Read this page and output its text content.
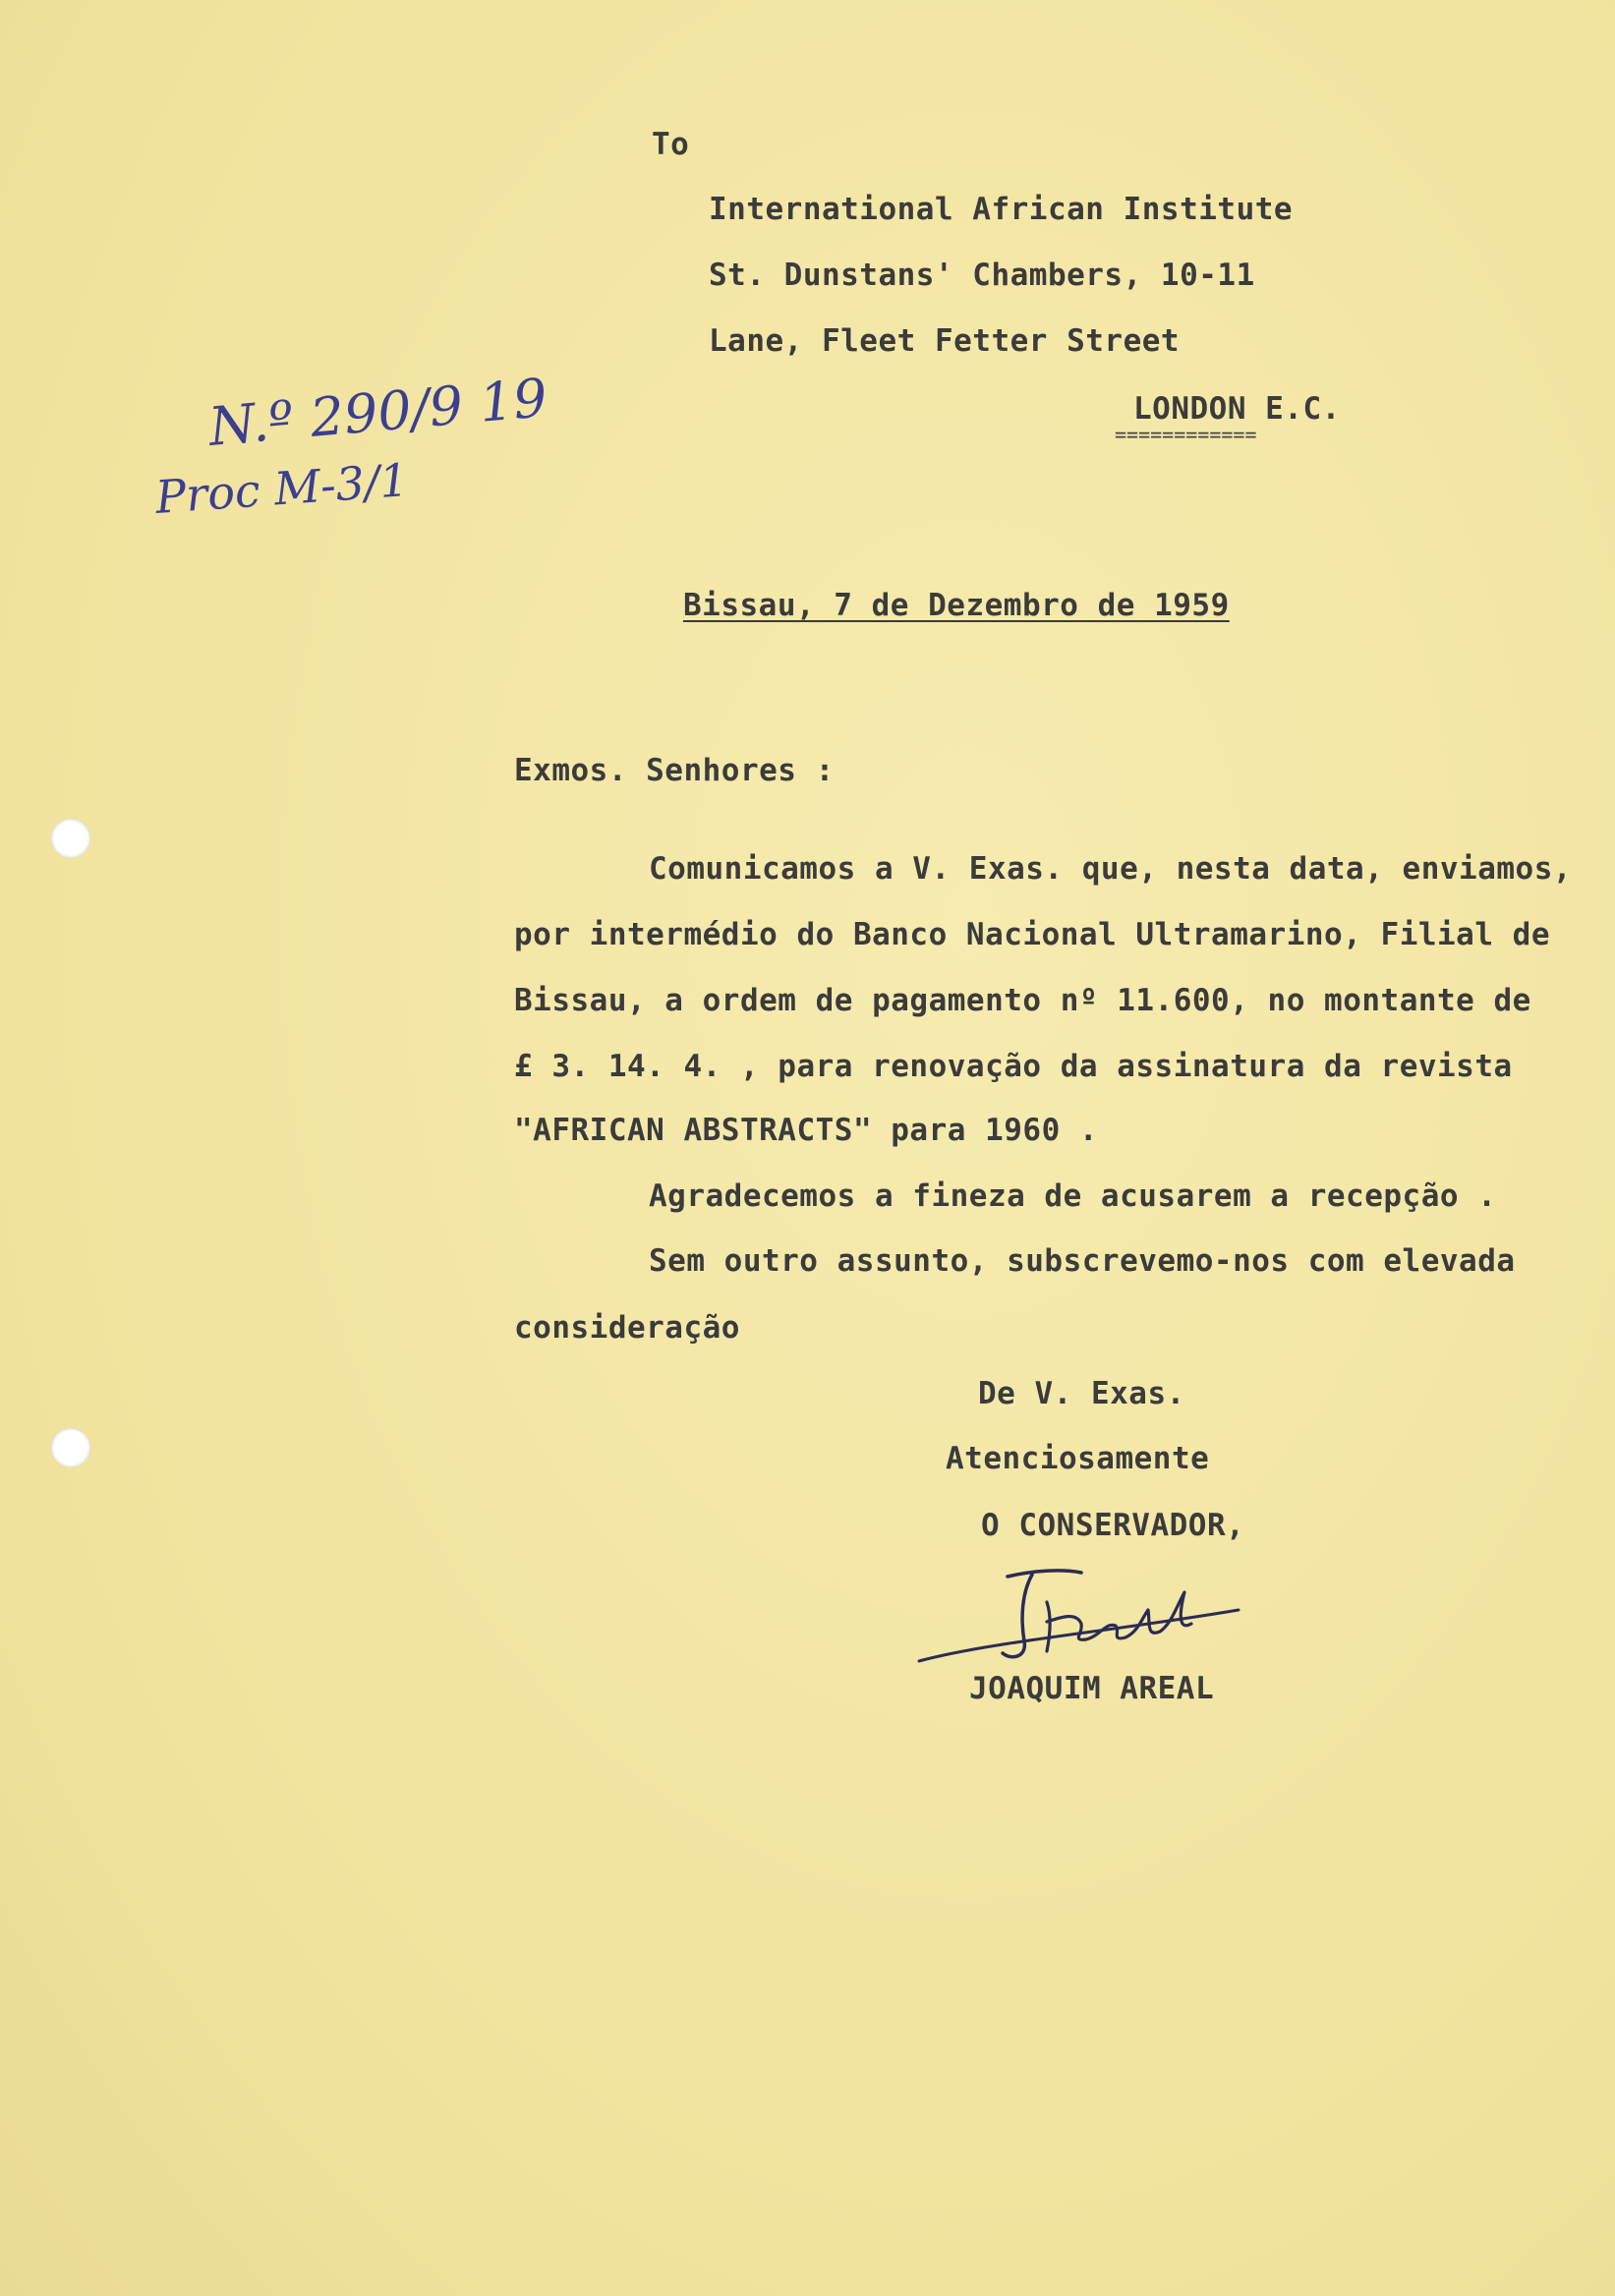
To
International African Institute
St. Dunstans' Chambers, 10-11
Lane, Fleet Fetter Street
LONDON E.C.
============
N.º 290/9 19
Proc M-3/1
Bissau, 7 de Dezembro de 1959
Exmos. Senhores :
Comunicamos a V. Exas. que, nesta data, enviamos,
por intermédio do Banco Nacional Ultramarino, Filial de
Bissau, a ordem de pagamento nº 11.600, no montante de
£ 3. 14. 4. , para renovação da assinatura da revista
"AFRICAN ABSTRACTS" para 1960 .
Agradecemos a fineza de acusarem a recepção .
Sem outro assunto, subscrevemo-nos com elevada
consideração
De V. Exas.
Atenciosamente
O CONSERVADOR,
JOAQUIM AREAL
